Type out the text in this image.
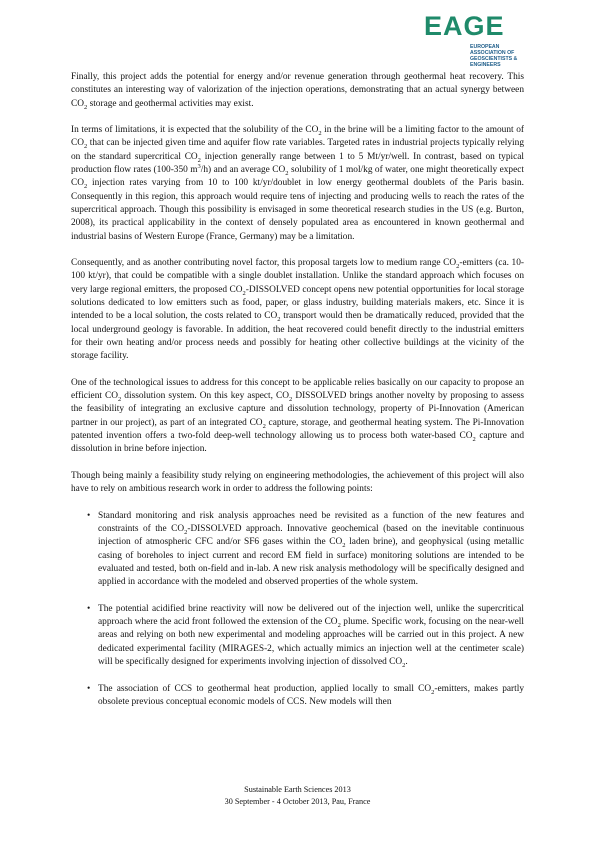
EAGE
EUROPEAN
ASSOCIATION OF
GEOSCIENTISTS &
ENGINEERS

Finally, this project adds the potential for energy and/or revenue generation through geothermal heat recovery. This constitutes an interesting way of valorization of the injection operations, demonstrating that an actual synergy between $CO_2$ storage and geothermal activities may exist.

In terms of limitations, it is expected that the solubility of the $CO_2$ in the brine will be a limiting factor to the amount of $CO_2$ that can be injected given time and aquifer flow rate variables. Targeted rates in industrial projects typically relying on the standard supercritical $CO_2$ injection generally range between 1 to 5 Mt/yr/well. In contrast, based on typical production flow rates (100-350 $m^3/h$) and an average $CO_2$ solubility of 1 mol/kg of water, one might theoretically expect $CO_2$ injection rates varying from 10 to 100 kt/yr/doublet in low energy geothermal doublets of the Paris basin. Consequently in this region, this approach would require tens of injecting and producing wells to reach the rates of the supercritical approach. Though this possibility is envisaged in some theoretical research studies in the US (e.g. Burton, 2008), its practical applicability in the context of densely populated area as encountered in known geothermal and industrial basins of Western Europe (France, Germany) may be a limitation.

Consequently, and as another contributing novel factor, this proposal targets low to medium range $CO_2$-emitters (ca. 10-100 kt/yr), that could be compatible with a single doublet installation. Unlike the standard approach which focuses on very large regional emitters, the proposed $CO_2$-DISSOLVED concept opens new potential opportunities for local storage solutions dedicated to low emitters such as food, paper, or glass industry, building materials makers, etc. Since it is intended to be a local solution, the costs related to $CO_2$ transport would then be dramatically reduced, provided that the local underground geology is favorable. In addition, the heat recovered could benefit directly to the industrial emitters for their own heating and/or process needs and possibly for heating other collective buildings at the vicinity of the storage facility.

One of the technological issues to address for this concept to be applicable relies basically on our capacity to propose an efficient $CO_2$ dissolution system. On this key aspect, $CO_2$ DISSOLVED brings another novelty by proposing to assess the feasibility of integrating an exclusive capture and dissolution technology, property of Pi-Innovation (American partner in our project), as part of an integrated $CO_2$ capture, storage, and geothermal heating system. The Pi-Innovation patented invention offers a two-fold deep-well technology allowing us to process both water-based $CO_2$ capture and dissolution in brine before injection.

Though being mainly a feasibility study relying on engineering methodologies, the achievement of this project will also have to rely on ambitious research work in order to address the following points:

• Standard monitoring and risk analysis approaches need be revisited as a function of the new features and constraints of the $CO_2$-DISSOLVED approach. Innovative geochemical (based on the inevitable continuous injection of atmospheric CFC and/or SF6 gases within the $CO_2$ laden brine), and geophysical (using metallic casing of boreholes to inject current and record EM field in surface) monitoring solutions are intended to be evaluated and tested, both on-field and in-lab. A new risk analysis methodology will be specifically designed and applied in accordance with the modeled and observed properties of the whole system.
• The potential acidified brine reactivity will now be delivered out of the injection well, unlike the supercritical approach where the acid front followed the extension of the $CO_2$ plume. Specific work, focusing on the near-well areas and relying on both new experimental and modeling approaches will be carried out in this project. A new dedicated experimental facility (MIRAGES-2, which actually mimics an injection well at the centimeter scale) will be specifically designed for experiments involving injection of dissolved $CO_2$.
• The association of CCS to geothermal heat production, applied locally to small $CO_2$-emitters, makes partly obsolete previous conceptual economic models of CCS. New models will then
Sustainable Earth Sciences 2013
30 September - 4 October 2013, Pau, France
